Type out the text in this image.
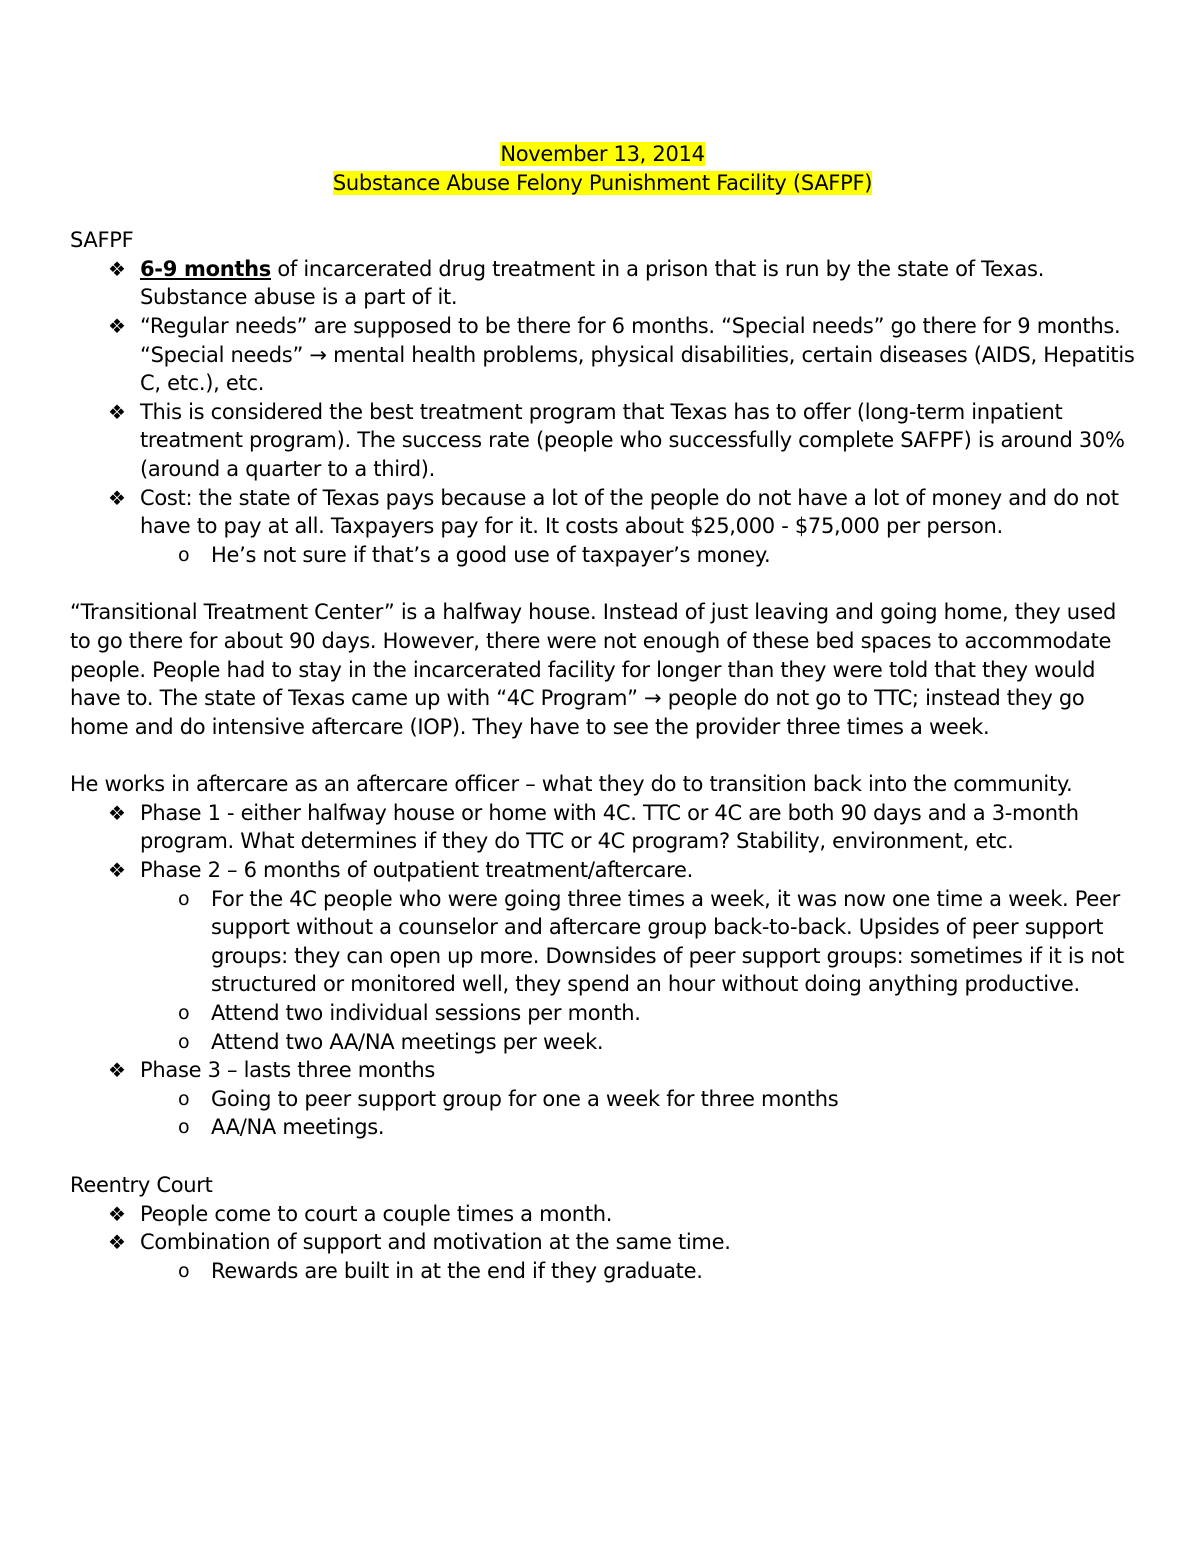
November 13, 2014
Substance Abuse Felony Punishment Facility (SAFPF)
SAFPF
❖ 6-9 months of incarcerated drug treatment in a prison that is run by the state of Texas. Substance abuse is a part of it.
❖ “Regular needs” are supposed to be there for 6 months. “Special needs” go there for 9 months. “Special needs” → mental health problems, physical disabilities, certain diseases (AIDS, Hepatitis C, etc.), etc.
❖ This is considered the best treatment program that Texas has to offer (long-term inpatient treatment program). The success rate (people who successfully complete SAFPF) is around 30% (around a quarter to a third).
❖ Cost: the state of Texas pays because a lot of the people do not have a lot of money and do not have to pay at all. Taxpayers pay for it. It costs about $25,000 - $75,000 per person.
o He’s not sure if that’s a good use of taxpayer’s money.
“Transitional Treatment Center” is a halfway house. Instead of just leaving and going home, they used to go there for about 90 days. However, there were not enough of these bed spaces to accommodate people. People had to stay in the incarcerated facility for longer than they were told that they would have to. The state of Texas came up with “4C Program” → people do not go to TTC; instead they go home and do intensive aftercare (IOP). They have to see the provider three times a week.
He works in aftercare as an aftercare officer – what they do to transition back into the community.
❖ Phase 1 - either halfway house or home with 4C. TTC or 4C are both 90 days and a 3-month program. What determines if they do TTC or 4C program? Stability, environment, etc.
❖ Phase 2 – 6 months of outpatient treatment/aftercare.
o For the 4C people who were going three times a week, it was now one time a week. Peer support without a counselor and aftercare group back-to-back. Upsides of peer support groups: they can open up more. Downsides of peer support groups: sometimes if it is not structured or monitored well, they spend an hour without doing anything productive.
o Attend two individual sessions per month.
o Attend two AA/NA meetings per week.
❖ Phase 3 – lasts three months
o Going to peer support group for one a week for three months
o AA/NA meetings.
Reentry Court
❖ People come to court a couple times a month.
❖ Combination of support and motivation at the same time.
o Rewards are built in at the end if they graduate.
